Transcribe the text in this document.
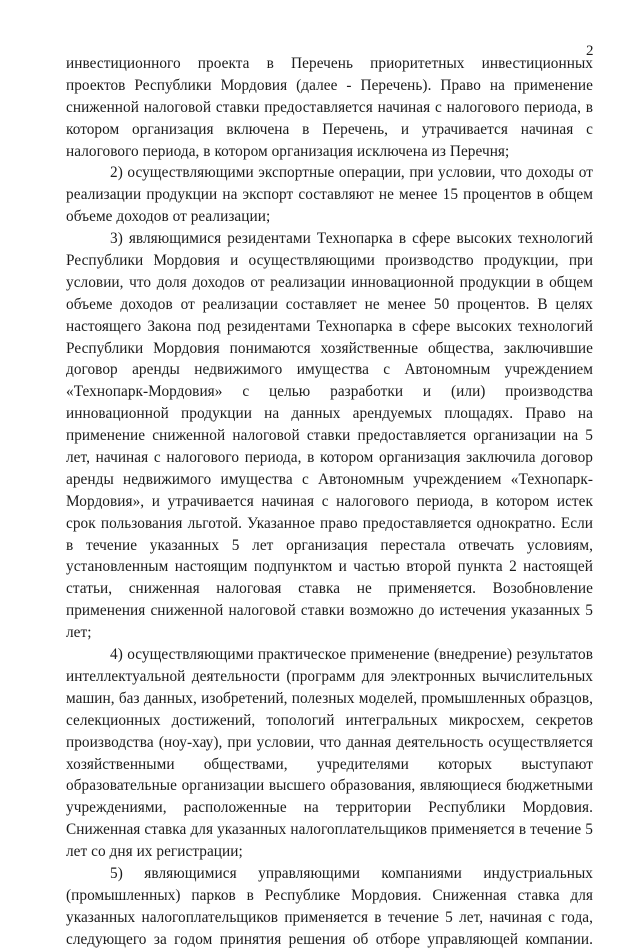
2
инвестиционного проекта в Перечень приоритетных инвестиционных
проектов Республики Мордовия (далее - Перечень). Право на применение
сниженной налоговой ставки предоставляется начиная с налогового периода, в
котором организация включена в Перечень, и утрачивается начиная с
налогового периода, в котором организация исключена из Перечня;
2) осуществляющими экспортные операции, при условии, что доходы от
реализации продукции на экспорт составляют не менее 15 процентов в общем
объеме доходов от реализации;
3) являющимися резидентами Технопарка в сфере высоких технологий
Республики Мордовия и осуществляющими производство продукции, при
условии, что доля доходов от реализации инновационной продукции в общем
объеме доходов от реализации составляет не менее 50 процентов. В целях
настоящего Закона под резидентами Технопарка в сфере высоких технологий
Республики Мордовия понимаются хозяйственные общества, заключившие
договор аренды недвижимого имущества с Автономным учреждением
«Технопарк-Мордовия» с целью разработки и (или) производства
инновационной продукции на данных арендуемых площадях. Право на
применение сниженной налоговой ставки предоставляется организации на 5
лет, начиная с налогового периода, в котором организация заключила договор
аренды недвижимого имущества с Автономным учреждением «Технопарк-
Мордовия», и утрачивается начиная с налогового периода, в котором истек
срок пользования льготой. Указанное право предоставляется однократно. Если
в течение указанных 5 лет организация перестала отвечать условиям,
установленным настоящим подпунктом и частью второй пункта 2 настоящей
статьи, сниженная налоговая ставка не применяется. Возобновление
применения сниженной налоговой ставки возможно до истечения указанных 5
лет;
4) осуществляющими практическое применение (внедрение) результатов
интеллектуальной деятельности (программ для электронных вычислительных
машин, баз данных, изобретений, полезных моделей, промышленных образцов,
селекционных достижений, топологий интегральных микросхем, секретов
производства (ноу-хау), при условии, что данная деятельность осуществляется
хозяйственными обществами, учредителями которых выступают
образовательные организации высшего образования, являющиеся бюджетными
учреждениями, расположенные на территории Республики Мордовия.
Сниженная ставка для указанных налогоплательщиков применяется в течение 5
лет со дня их регистрации;
5) являющимися управляющими компаниями индустриальных
(промышленных) парков в Республике Мордовия. Сниженная ставка для
указанных налогоплательщиков применяется в течение 5 лет, начиная с года,
следующего за годом принятия решения об отборе управляющей компании.
